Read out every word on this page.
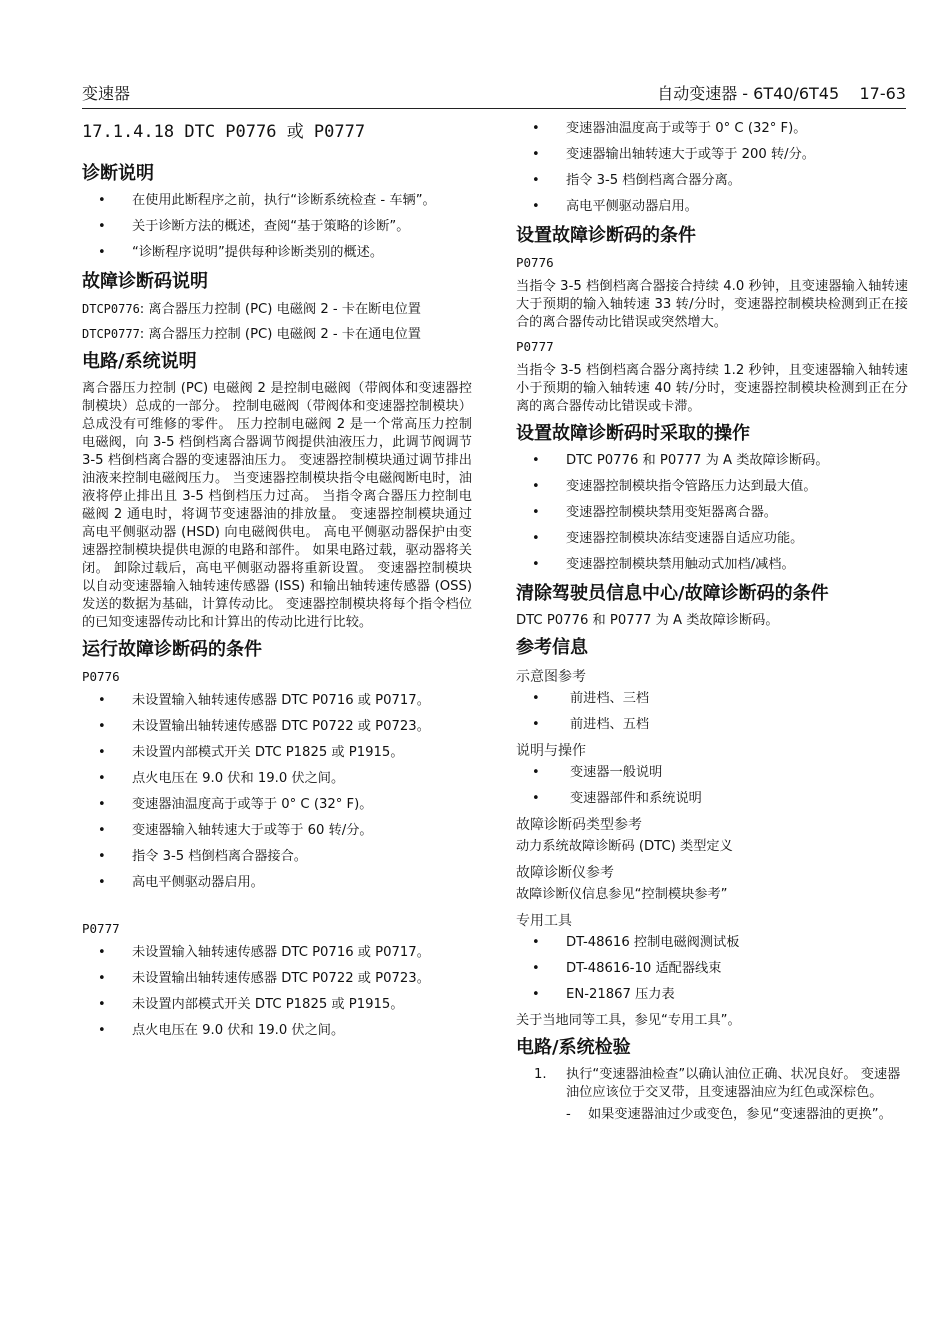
变速器	自动变速器 - 6T40/6T45    17-63
17.1.4.18 DTC P0776 或 P0777
诊断说明
• 在使用此断程序之前，执行“诊断系统检查 - 车辆”。
• 关于诊断方法的概述，查阅“基于策略的诊断”。
• “诊断程序说明”提供每种诊断类别的概述。
故障诊断码说明
DTCP0776: 离合器压力控制 (PC) 电磁阀 2 - 卡在断电位置
DTCP0777: 离合器压力控制 (PC) 电磁阀 2 - 卡在通电位置
电路/系统说明
离合器压力控制 (PC) 电磁阀 2 是控制电磁阀（带阀体和变速器控制模块）总成的一部分。 控制电磁阀（带阀体和变速器控制模块）总成没有可维修的零件。 压力控制电磁阀 2 是一个常高压力控制电磁阀，向 3-5 档倒档离合器调节阀提供油液压力，此调节阀调节 3-5 档倒档离合器的变速器油压力。 变速器控制模块通过调节排出油液来控制电磁阀压力。 当变速器控制模块指令电磁阀断电时，油液将停止排出且 3-5 档倒档压力过高。 当指令离合器压力控制电磁阀 2 通电时，将调节变速器油的排放量。 变速器控制模块通过高电平侧驱动器 (HSD) 向电磁阀供电。 高电平侧驱动器保护由变速器控制模块提供电源的电路和部件。 如果电路过载，驱动器将关闭。 卸除过载后，高电平侧驱动器将重新设置。 变速器控制模块以自动变速器输入轴转速传感器 (ISS) 和输出轴转速传感器 (OSS) 发送的数据为基础，计算传动比。 变速器控制模块将每个指令档位的已知变速器传动比和计算出的传动比进行比较。
运行故障诊断码的条件
P0776
• 未设置输入轴转速传感器 DTC P0716 或 P0717。
• 未设置输出轴转速传感器 DTC P0722 或 P0723。
• 未设置内部模式开关 DTC P1825 或 P1915。
• 点火电压在 9.0 伏和 19.0 伏之间。
• 变速器油温度高于或等于 0° C (32° F)。
• 变速器输入轴转速大于或等于 60 转/分。
• 指令 3-5 档倒档离合器接合。
• 高电平侧驱动器启用。
P0777
• 未设置输入轴转速传感器 DTC P0716 或 P0717。
• 未设置输出轴转速传感器 DTC P0722 或 P0723。
• 未设置内部模式开关 DTC P1825 或 P1915。
• 点火电压在 9.0 伏和 19.0 伏之间。
• 变速器油温度高于或等于 0° C (32° F)。
• 变速器输出轴转速大于或等于 200 转/分。
• 指令 3-5 档倒档离合器分离。
• 高电平侧驱动器启用。
设置故障诊断码的条件
P0776
当指令 3-5 档倒档离合器接合持续 4.0 秒钟，且变速器输入轴转速大于预期的输入轴转速 33 转/分时，变速器控制模块检测到正在接合的离合器传动比错误或突然增大。
P0777
当指令 3-5 档倒档离合器分离持续 1.2 秒钟，且变速器输入轴转速小于预期的输入轴转速 40 转/分时，变速器控制模块检测到正在分离的离合器传动比错误或卡滞。
设置故障诊断码时采取的操作
• DTC P0776 和 P0777 为 A 类故障诊断码。
• 变速器控制模块指令管路压力达到最大值。
• 变速器控制模块禁用变矩器离合器。
• 变速器控制模块冻结变速器自适应功能。
• 变速器控制模块禁用触动式加档/减档。
清除驾驶员信息中心/故障诊断码的条件
DTC P0776 和 P0777 为 A 类故障诊断码。
参考信息
示意图参考
• 前进档、三档
• 前进档、五档
说明与操作
• 变速器一般说明
• 变速器部件和系统说明
故障诊断码类型参考
动力系统故障诊断码 (DTC) 类型定义
故障诊断仪参考
故障诊断仪信息参见“控制模块参考”
专用工具
• DT-48616 控制电磁阀测试板
• DT-48616-10 适配器线束
• EN-21867 压力表
关于当地同等工具，参见“专用工具”。
电路/系统检验
1. 执行“变速器油检查”以确认油位正确、状况良好。 变速器油位应该位于交叉带，且变速器油应为红色或深棕色。
- 如果变速器油过少或变色，参见“变速器油的更换”。
